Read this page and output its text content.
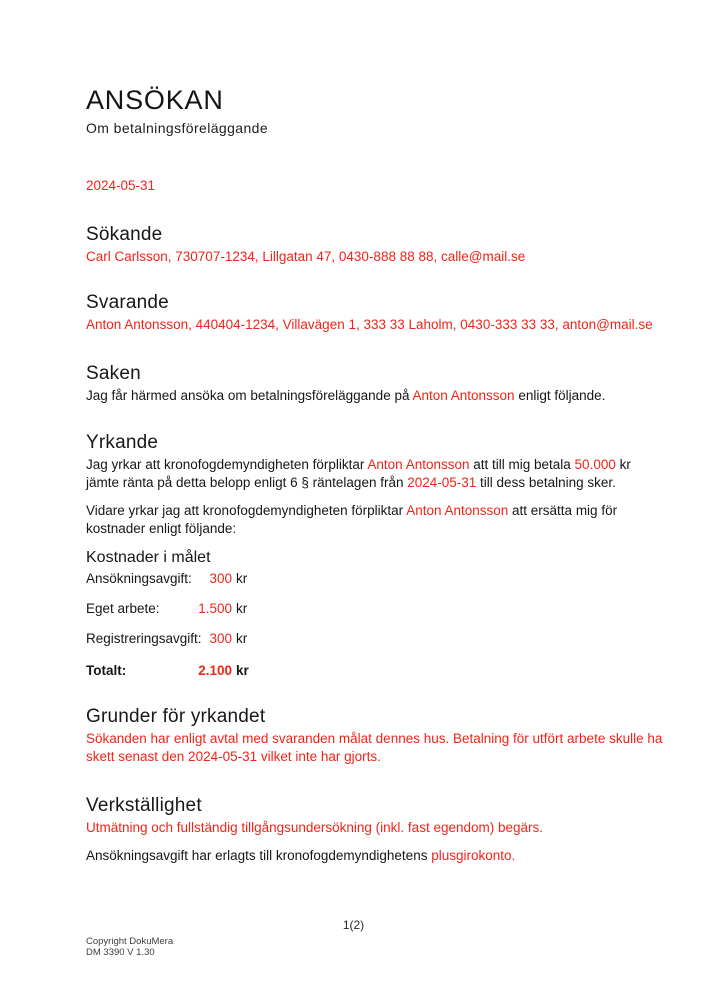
ANSÖKAN
Om betalningsföreläggande
2024-05-31
Sökande
Carl Carlsson, 730707-1234, Lillgatan 47, 0430-888 88 88, calle@mail.se
Svarande
Anton Antonsson, 440404-1234, Villavägen 1, 333 33 Laholm, 0430-333 33 33, anton@mail.se
Saken
Jag får härmed ansöka om betalningsföreläggande på Anton Antonsson enligt följande.
Yrkande
Jag yrkar att kronofogdemyndigheten förpliktar Anton Antonsson att till mig betala 50.000 kr
jämte ränta på detta belopp enligt 6 § räntelagen från 2024-05-31 till dess betalning sker.
Vidare yrkar jag att kronofogdemyndigheten förpliktar Anton Antonsson att ersätta mig för
kostnader enligt följande:
Kostnader i målet
Ansökningsavgift:	300 kr
Eget arbete:	1.500 kr
Registreringsavgift: 300 kr
Totalt:	2.100 kr
Grunder för yrkandet
Sökanden har enligt avtal med svaranden målat dennes hus. Betalning för utfört arbete skulle ha
skett senast den 2024-05-31 vilket inte har gjorts.
Verkställighet
Utmätning och fullständig tillgångsundersökning (inkl. fast egendom) begärs.
Ansökningsavgift har erlagts till kronofogdemyndighetens plusgirokonto.
1(2)
Copyright DokuMera
DM 3390 V 1.30
